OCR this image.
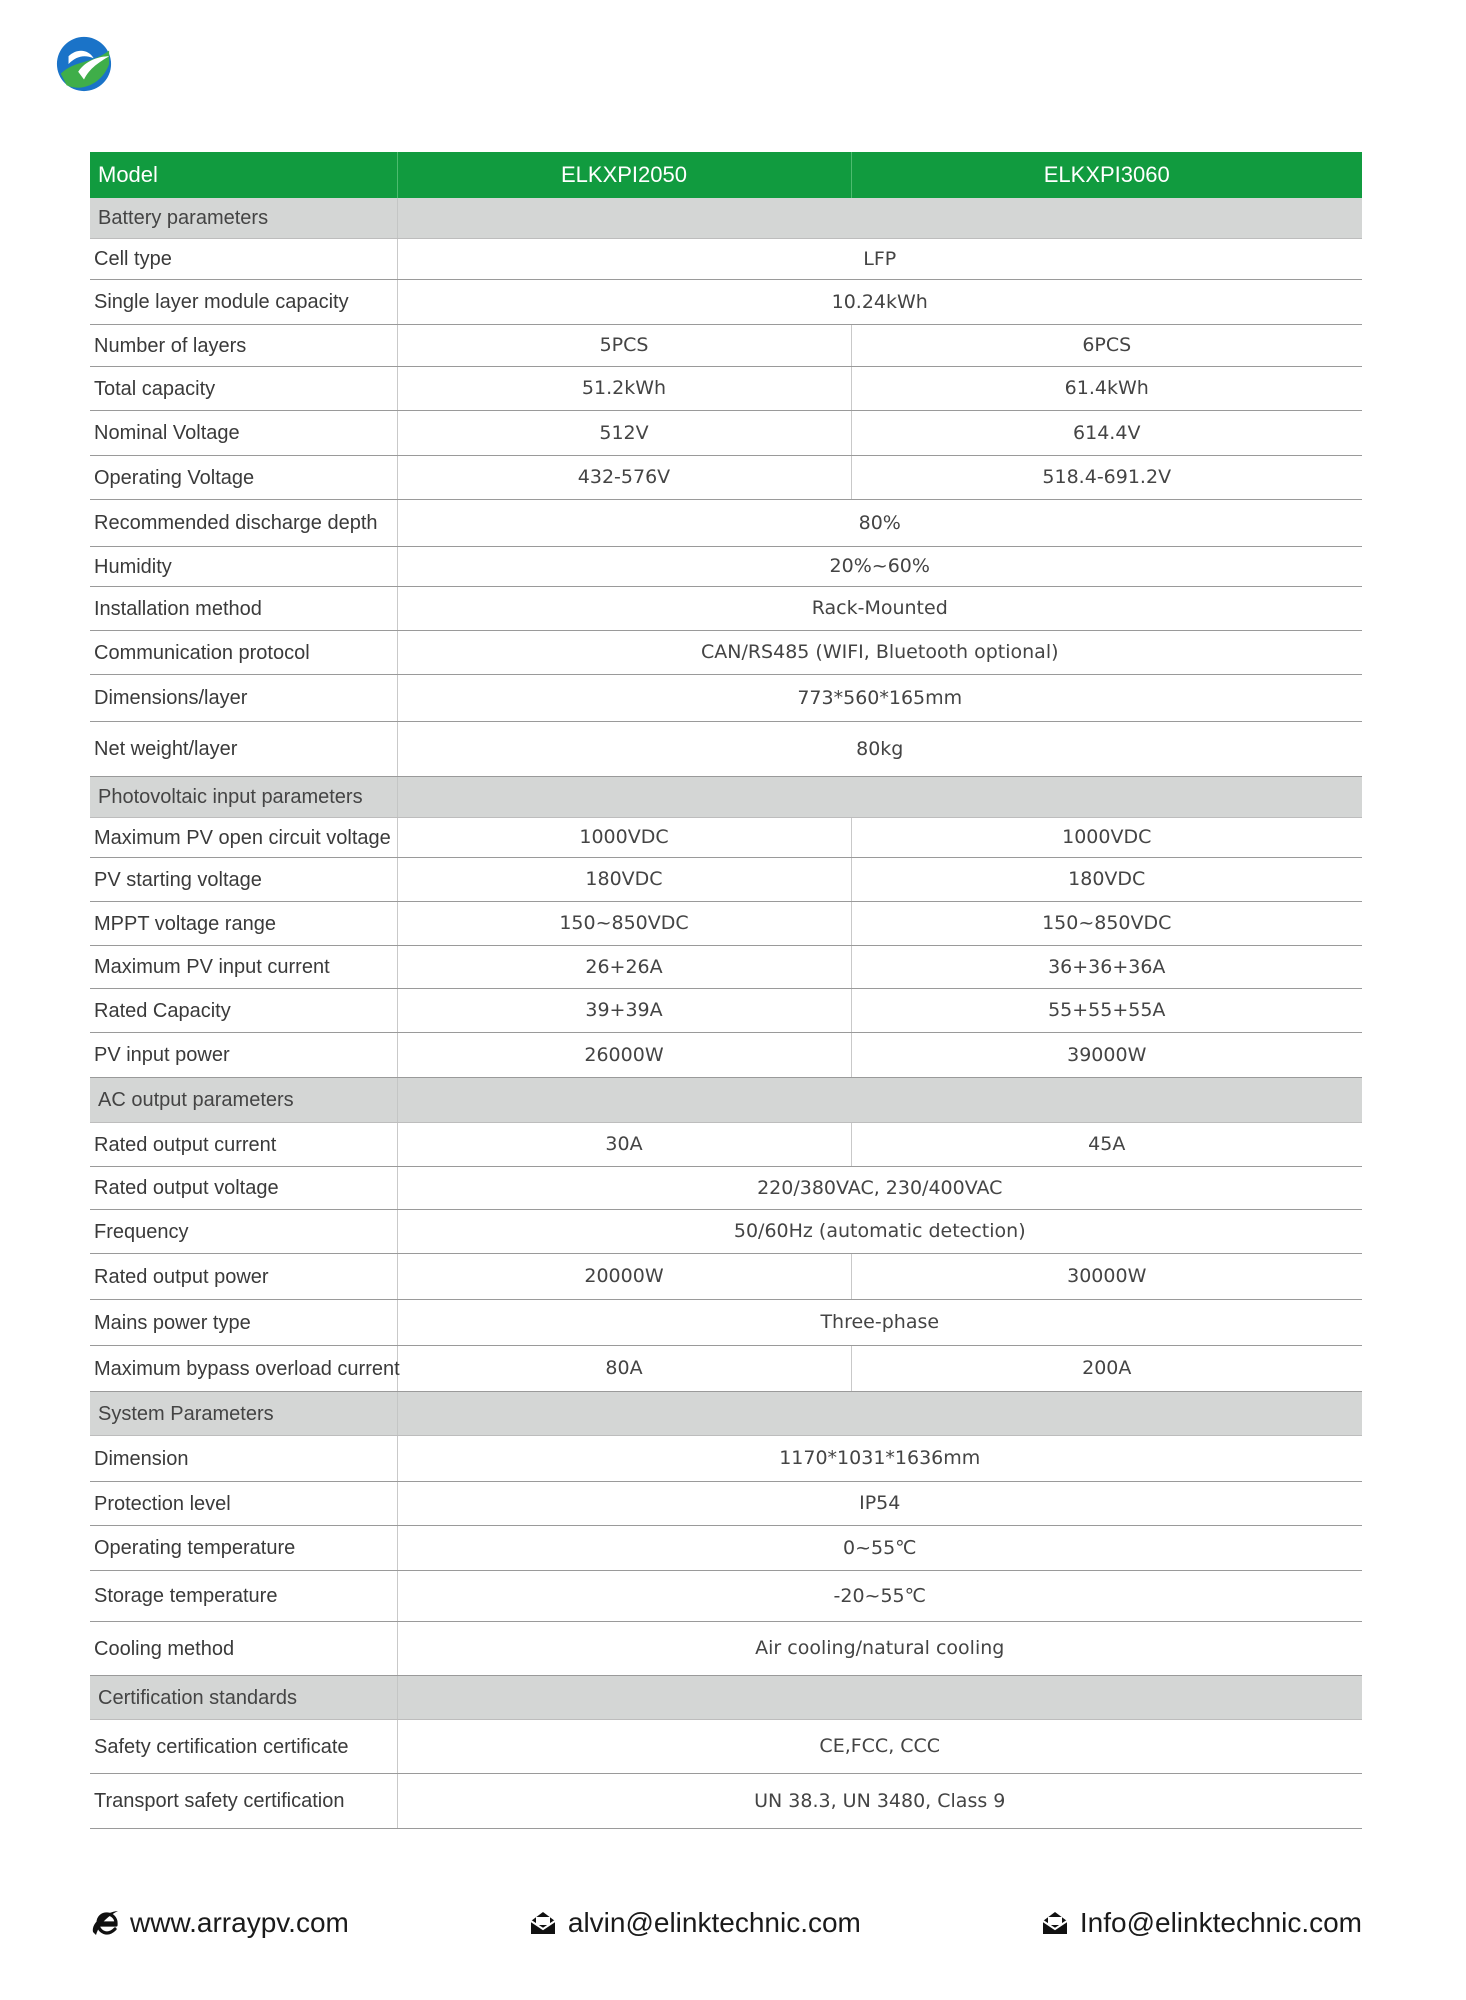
Model	ELKXPI2050	ELKXPI3060
Battery parameters		
Cell type	LFP	
Single layer module capacity	10.24kWh	
Number of layers	5PCS	6PCS
Total capacity	51.2kWh	61.4kWh
Nominal Voltage	512V	614.4V
Operating Voltage	432-576V	518.4-691.2V
Recommended discharge depth	80%	
Humidity	20%~60%	
Installation method	Rack-Mounted	
Communication protocol	CAN/RS485 (WIFI, Bluetooth optional)	
Dimensions/layer	773*560*165mm	
Net weight/layer	80kg	
Photovoltaic input parameters		
Maximum PV open circuit voltage	1000VDC	1000VDC
PV starting voltage	180VDC	180VDC
MPPT voltage range	150~850VDC	150~850VDC
Maximum PV input current	26+26A	36+36+36A
Rated Capacity	39+39A	55+55+55A
PV input power	26000W	39000W
AC output parameters		
Rated output current	30A	45A
Rated output voltage	220/380VAC, 230/400VAC	
Frequency	50/60Hz (automatic detection)	
Rated output power	20000W	30000W
Mains power type	Three-phase	
Maximum bypass overload current	80A	200A
System Parameters		
Dimension	1170*1031*1636mm	
Protection level	IP54	
Operating temperature	0~55℃	
Storage temperature	-20~55℃	
Cooling method	Air cooling/natural cooling	
Certification standards		
Safety certification certificate	CE,FCC, CCC	
Transport safety certification	UN 38.3, UN 3480, Class 9	
www.arraypv.com	alvin@elinktechnic.com	Info@elinktechnic.com
